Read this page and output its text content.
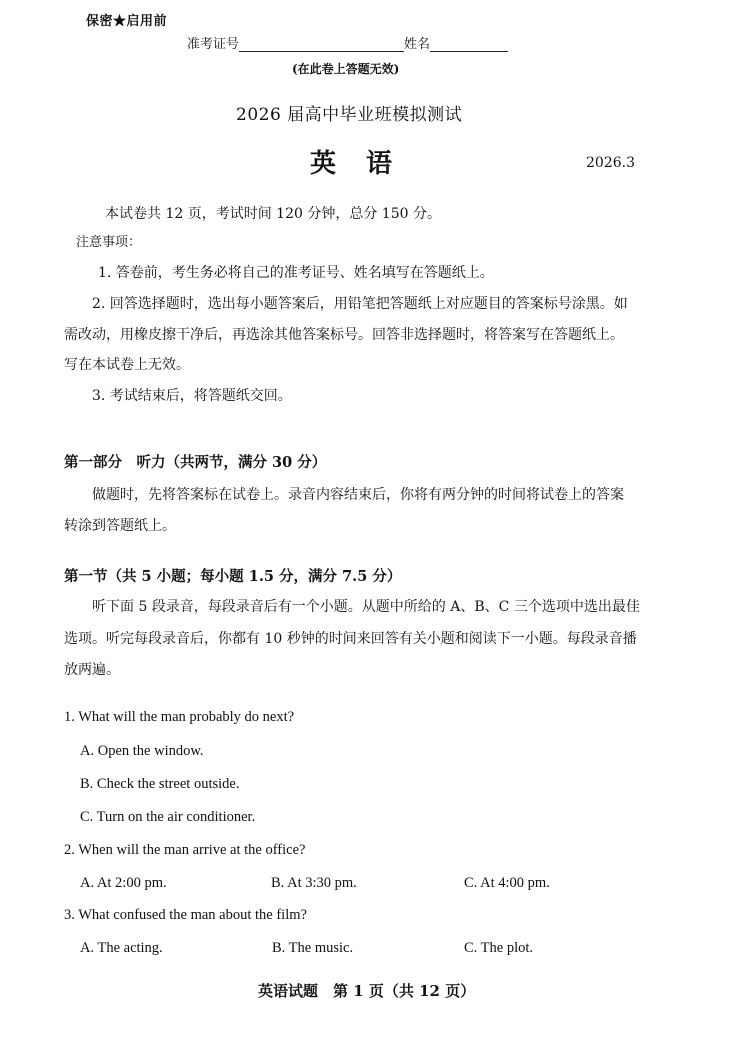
保密★启用前
准考证号	姓名
(在此卷上答题无效)
2026 届高中毕业班模拟测试
英语	2026.3
本试卷共 12 页，考试时间 120 分钟，总分 150 分。
注意事项：
1. 答卷前，考生务必将自己的准考证号、姓名填写在答题纸上。
2. 回答选择题时，选出每小题答案后，用铅笔把答题纸上对应题目的答案标号涂黑。如
需改动，用橡皮擦干净后，再选涂其他答案标号。回答非选择题时，将答案写在答题纸上。
写在本试卷上无效。
3. 考试结束后，将答题纸交回。
第一部分　听力（共两节，满分 30 分）
做题时，先将答案标在试卷上。录音内容结束后，你将有两分钟的时间将试卷上的答案
转涂到答题纸上。
第一节（共 5 小题；每小题 1.5 分，满分 7.5 分）
听下面 5 段录音，每段录音后有一个小题。从题中所给的 A、B、C 三个选项中选出最佳
选项。听完每段录音后，你都有 10 秒钟的时间来回答有关小题和阅读下一小题。每段录音播
放两遍。
1. What will the man probably do next?
A. Open the window.
B. Check the street outside.
C. Turn on the air conditioner.
2. When will the man arrive at the office?
A. At 2:00 pm.	B. At 3:30 pm.	C. At 4:00 pm.
3. What confused the man about the film?
A. The acting.	B. The music.	C. The plot.
英语试题　第 1 页（共 12 页）
